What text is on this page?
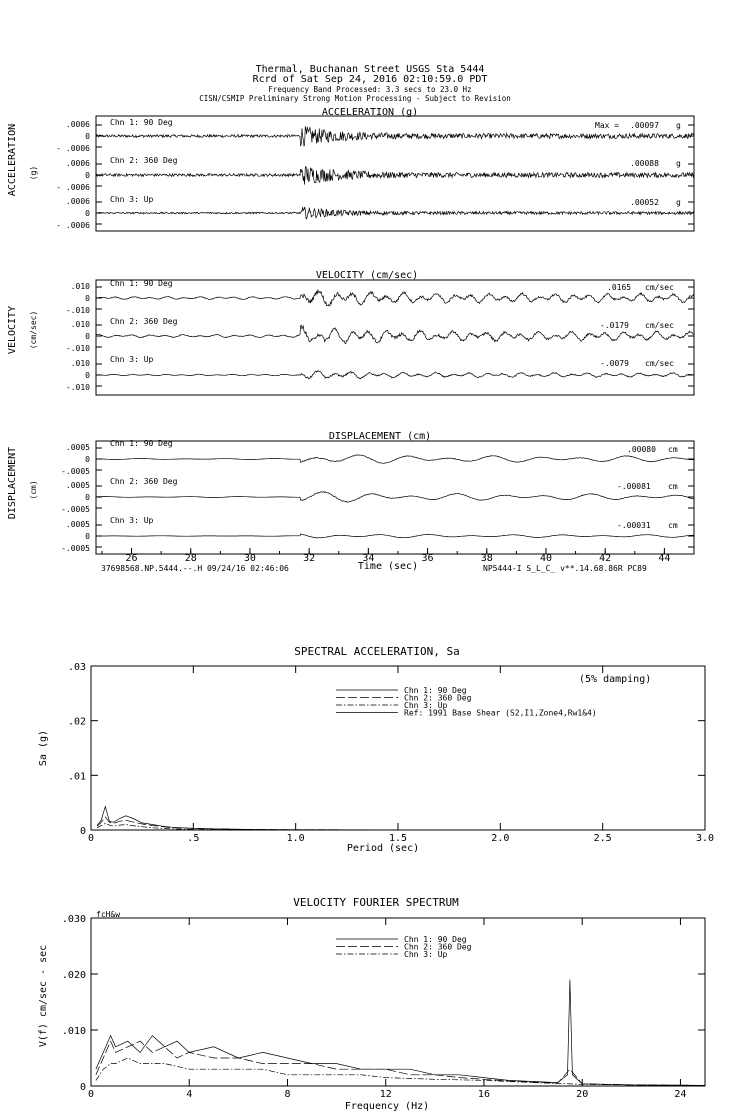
Thermal, Buchanan Street USGS Sta 5444
Rcrd of Sat Sep 24, 2016 02:10:59.0 PDT
Frequency Band Processed: 3.3 secs to 23.0 Hz
CISN/CSMIP Preliminary Strong Motion Processing - Subject to Revision
ACCELERATION (g)
ACCELERATION (g)
.0006
0
- .0006
.0006
0
- .0006
.0006
0
- .0006
Max = .00097 g
.00088 g
.00052 g
Chn 1: 90 Deg
Chn 2: 360 Deg
Chn 3: Up
VELOCITY (cm/sec)
VELOCITY (cm/sec)
.010
0
-.010
.010
0
-.010
.010
0
-.010
.0165 cm/sec
-.0179 cm/sec
-.0079 cm/sec
Chn 1: 90 Deg
Chn 2: 360 Deg
Chn 3: Up
DISPLACEMENT (cm)
DISPLACEMENT (cm)
.0005
0
-.0005
.0005
0
-.0005
.0005
0
-.0005
.00080 cm
-.00081 cm
-.00031 cm
Chn 1: 90 Deg
Chn 2: 360 Deg
Chn 3: Up
26	28	30	32	34	36	38	40	42	44
Time (sec)
37698568.NP.5444.--.H 09/24/16 02:46:06	NP5444-I S_L_C_ v**.14.68.86R PC89
SPECTRAL ACCELERATION, Sa
Sa (g)
Period (sec)
(5% damping)
0	.5	1.0	1.5	2.0	2.5	3.0
0
.01
.02
.03
Chn 1: 90 Deg
Chn 2: 360 Deg
Chn 3: Up
Ref: 1991 Base Shear (S2,I1,Zone4,Rw1&4)
VELOCITY FOURIER SPECTRUM
fcH&w
V(f) cm/sec - sec
Frequency (Hz)
0	4	8	12	16	20	24
0
.010
.020
.030
Chn 1: 90 Deg
Chn 2: 360 Deg
Chn 3: Up
